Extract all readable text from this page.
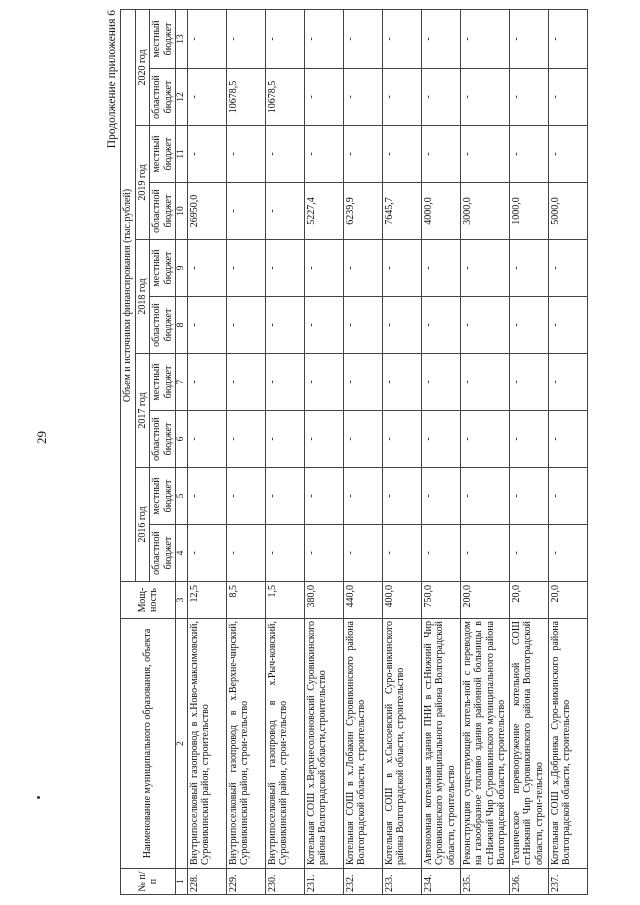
29
Продолжение приложения 6
№ п/п	Наименование муниципального образования, объекта	Мощ-ность	Объем и источники финансирования (тыс.рублей)									
			2016 год		2017 год		2018 год		2019 год		2020 год	
			областной бюджет	местный бюджет	областной бюджет	местный бюджет	областной бюджет	местный бюджет	областной бюджет	местный бюджет	областной бюджет	местный бюджет
1	2	3	4	5	6	7	8	9	10	11	12	13
228.	Внутрипоселковый газопровод в х.Ново-максимовский, Суровикинский район, строительство	12,5	-	-	-	-	-	-	26950,0	-	-	-
229.	Внутрипоселковый газопровод в х.Верхне-чирский, Суровикинский район, строи-тельство	8,5	-	-	-	-	-	-	-	-	10678,5	-
230.	Внутрипоселковый газопровод в х.Рыч-ковский, Суровикинский район, строи-тельство	1,5	-	-	-	-	-	-	-	-	10678,5	-
231.	Котельная СОШ х.Верхнесолоновский Суровикинского района Волгоградской области,строительство	380,0	-	-	-	-	-	-	5227,4	-	-	-
232.	Котельная СОШ в х.Лобакин Суровикинского района Волгоградской области, строительство	440,0	-	-	-	-	-	-	6239,9	-	-	-
233.	Котельная СОШ в х.Сысоевский Суро-викинского района Волгоградской области, строительство	400,0	-	-	-	-	-	-	7645,7	-	-	-
234.	Автономная котельная здания ПНИ в ст.Нижний Чир Суровикинского муниципального района Волгоградской области, строительство	750,0	-	-	-	-	-	-	4000,0	-	-	-
235.	Реконструкция существующей котель-ной с переводом на газообразное топливо здания районной больницы в ст.Нижний Чир Суровикинского муниципального района Волгоградской области, строительство	200,0	-	-	-	-	-	-	3000,0	-	-	-
236.	Техническое перевооружение котельной СОШ ст.Нижний Чир Суровикинского района Волгоградской области, строи-тельство	20,0	-	-	-	-	-	-	1000,0	-	-	-
237.	Котельная СОШ х.Добринка Суро-викинского района Волгоградской области, строительство	20,0	-	-	-	-	-	-	5000,0	-	-	-
